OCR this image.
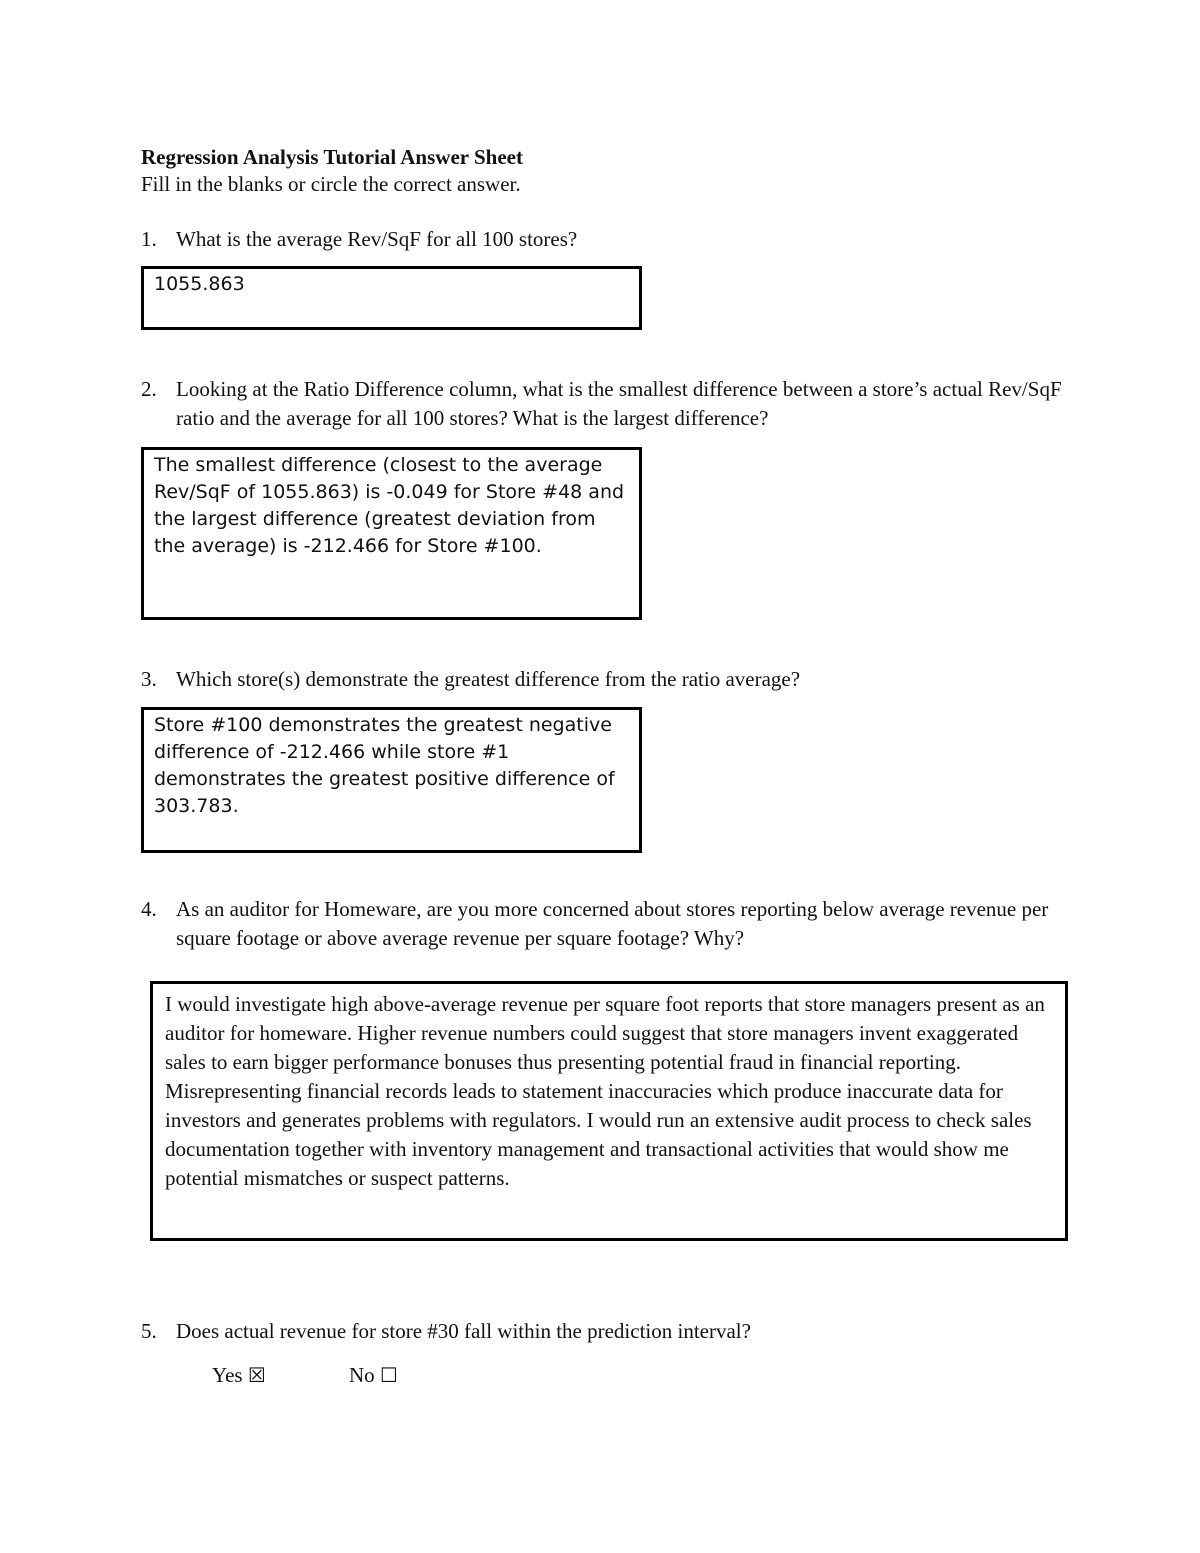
Regression Analysis Tutorial Answer Sheet
Fill in the blanks or circle the correct answer.
1. What is the average Rev/SqF for all 100 stores?
1055.863
2. Looking at the Ratio Difference column, what is the smallest difference between a store’s actual Rev/SqF ratio and the average for all 100 stores? What is the largest difference?
The smallest difference (closest to the average Rev/SqF of 1055.863) is -0.049 for Store #48 and the largest difference (greatest deviation from the average) is -212.466 for Store #100.
3. Which store(s) demonstrate the greatest difference from the ratio average?
Store #100 demonstrates the greatest negative difference of -212.466 while store #1 demonstrates the greatest positive difference of 303.783.
4. As an auditor for Homeware, are you more concerned about stores reporting below average revenue per square footage or above average revenue per square footage? Why?
I would investigate high above-average revenue per square foot reports that store managers present as an auditor for homeware. Higher revenue numbers could suggest that store managers invent exaggerated sales to earn bigger performance bonuses thus presenting potential fraud in financial reporting. Misrepresenting financial records leads to statement inaccuracies which produce inaccurate data for investors and generates problems with regulators. I would run an extensive audit process to check sales documentation together with inventory management and transactional activities that would show me potential mismatches or suspect patterns.
5. Does actual revenue for store #30 fall within the prediction interval?
Yes ☒	No ☐
